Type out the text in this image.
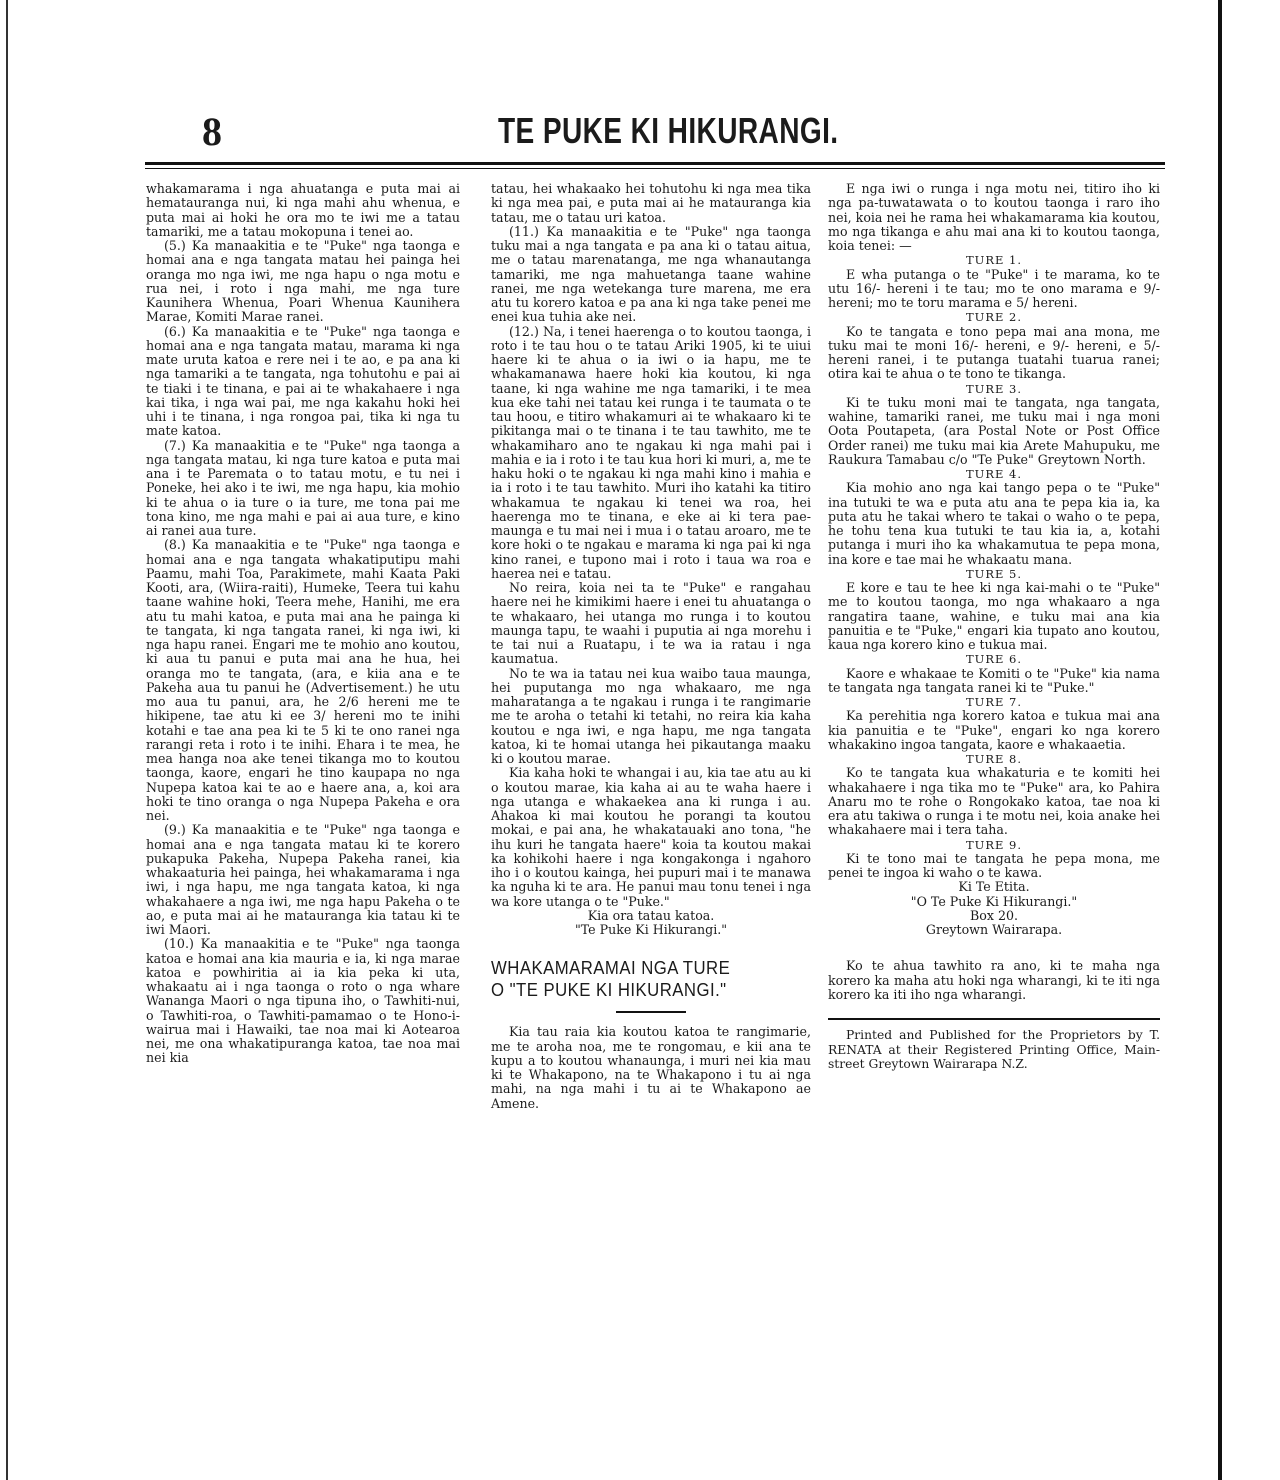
8	TE PUKE KI HIKURANGI.

whakamarama i nga ahuatanga e puta mai ai hematauranga nui, ki nga mahi ahu whenua, e puta mai ai hoki he ora mo te iwi me a tatau tamariki, me a tatau mokopuna i tenei ao.

(5.) Ka manaakitia e te "Puke" nga taonga e homai ana e nga tangata matau hei painga hei oranga mo nga iwi, me nga hapu o nga motu e rua nei, i roto i nga mahi, me nga ture Kaunihera Whenua, Poari Whenua Kaunihera Marae, Komiti Marae ranei.

(6.) Ka manaakitia e te "Puke" nga taonga e homai ana e nga tangata matau, marama ki nga mate uruta katoa e rere nei i te ao, e pa ana ki nga tamariki a te tangata, nga tohutohu e pai ai te tiaki i te tinana, e pai ai te whakahaere i nga kai tika, i nga wai pai, me nga kakahu hoki hei uhi i te tinana, i nga rongoa pai, tika ki nga tu mate katoa.

(7.) Ka manaakitia e te "Puke" nga taonga a nga tangata matau, ki nga ture katoa e puta mai ana i te Paremata o to tatau motu, e tu nei i Poneke, hei ako i te iwi, me nga hapu, kia mohio ki te ahua o ia ture o ia ture, me tona pai me tona kino, me nga mahi e pai ai aua ture, e kino ai ranei aua ture.

(8.) Ka manaakitia e te "Puke" nga taonga e homai ana e nga tangata whakatiputipu mahi Paamu, mahi Toa, Parakimete, mahi Kaata Paki Kooti, ara, (Wiira-raiti), Humeke, Teera tui kahu taane wahine hoki, Teera mehe, Hanihi, me era atu tu mahi katoa, e puta mai ana he painga ki te tangata, ki nga tangata ranei, ki nga iwi, ki nga hapu ranei. Engari me te mohio ano koutou, ki aua tu panui e puta mai ana he hua, hei oranga mo te tangata, (ara, e kiia ana e te Pakeha aua tu panui he (Advertisement.) he utu mo aua tu panui, ara, he 2/6 hereni me te hikipene, tae atu ki ee 3/ hereni mo te inihi kotahi e tae ana pea ki te 5 ki te ono ranei nga rarangi reta i roto i te inihi. Ehara i te mea, he mea hanga noa ake tenei tikanga mo to koutou taonga, kaore, engari he tino kaupapa no nga Nupepa katoa kai te ao e haere ana, a, koi ara hoki te tino oranga o nga Nupepa Pakeha e ora nei.

(9.) Ka manaakitia e te "Puke" nga taonga e homai ana e nga tangata matau ki te korero pukapuka Pakeha, Nupepa Pakeha ranei, kia whakaaturia hei painga, hei whakamarama i nga iwi, i nga hapu, me nga tangata katoa, ki nga whakahaere a nga iwi, me nga hapu Pakeha o te ao, e puta mai ai he matauranga kia tatau ki te iwi Maori.

(10.) Ka manaakitia e te "Puke" nga taonga katoa e homai ana kia mauria e ia, ki nga marae katoa e powhiritia ai ia kia peka ki uta, whakaatu ai i nga taonga o roto o nga whare Wananga Maori o nga tipuna iho, o Tawhiti-nui, o Tawhiti-roa, o Tawhiti-pamamao o te Hono-i-wairua mai i Hawaiki, tae noa mai ki Aotearoa nei, me ona whakatipuranga katoa, tae noa mai nei kia

tatau, hei whakaako hei tohutohu ki nga mea tika ki nga mea pai, e puta mai ai he matauranga kia tatau, me o tatau uri katoa.

(11.) Ka manaakitia e te "Puke" nga taonga tuku mai a nga tangata e pa ana ki o tatau aitua, me o tatau marenatanga, me nga whanautanga tamariki, me nga mahuetanga taane wahine ranei, me nga wetekanga ture marena, me era atu tu korero katoa e pa ana ki nga take penei me enei kua tuhia ake nei.

(12.) Na, i tenei haerenga o to koutou taonga, i roto i te tau hou o te tatau Ariki 1905, ki te uiui haere ki te ahua o ia iwi o ia hapu, me te whakamanawa haere hoki kia koutou, ki nga taane, ki nga wahine me nga tamariki, i te mea kua eke tahi nei tatau kei runga i te taumata o te tau hoou, e titiro whakamuri ai te whakaaro ki te pikitanga mai o te tinana i te tau tawhito, me te whakamiharo ano te ngakau ki nga mahi pai i mahia e ia i roto i te tau kua hori ki muri, a, me te haku hoki o te ngakau ki nga mahi kino i mahia e ia i roto i te tau tawhito. Muri iho katahi ka titiro whakamua te ngakau ki tenei wa roa, hei haerenga mo te tinana, e eke ai ki tera pae-maunga e tu mai nei i mua i o tatau aroaro, me te kore hoki o te ngakau e marama ki nga pai ki nga kino ranei, e tupono mai i roto i taua wa roa e haerea nei e tatau.

No reira, koia nei ta te "Puke" e rangahau haere nei he kimikimi haere i enei tu ahuatanga o te whakaaro, hei utanga mo runga i to koutou maunga tapu, te waahi i puputia ai nga morehu i te tai nui a Ruatapu, i te wa ia ratau i nga kaumatua.

No te wa ia tatau nei kua waibo taua maunga, hei puputanga mo nga whakaaro, me nga maharatanga a te ngakau i runga i te rangimarie me te aroha o tetahi ki tetahi, no reira kia kaha koutou e nga iwi, e nga hapu, me nga tangata katoa, ki te homai utanga hei pikautanga maaku ki o koutou marae.

Kia kaha hoki te whangai i au, kia tae atu au ki o koutou marae, kia kaha ai au te waha haere i nga utanga e whakaekea ana ki runga i au. Ahakoa ki mai koutou he porangi ta koutou mokai, e pai ana, he whakatauaki ano tona, "he ihu kuri he tangata haere" koia ta koutou makai ka kohikohi haere i nga kongakonga i ngahoro iho i o koutou kainga, hei pupuri mai i te manawa ka nguha ki te ara. He panui mau tonu tenei i nga wa kore utanga o te "Puke."

Kia ora tatau katoa.

"Te Puke Ki Hikurangi."

WHAKAMARAMAI NGA TURE
O "TE PUKE KI HIKURANGI."

Kia tau raia kia koutou katoa te rangimarie, me te aroha noa, me te rongomau, e kii ana te kupu a to koutou whanaunga, i muri nei kia mau ki te Whakapono, na te Whakapono i tu ai nga mahi, na nga mahi i tu ai te Whakapono ae Amene.

E nga iwi o runga i nga motu nei, titiro iho ki nga pa-tuwatawata o to koutou taonga i raro iho nei, koia nei he rama hei whakamarama kia koutou, mo nga tikanga e ahu mai ana ki to koutou taonga, koia tenei: —

TURE 1.

E wha putanga o te "Puke" i te marama, ko te utu 16/- hereni i te tau; mo te ono marama e 9/- hereni; mo te toru marama e 5/ hereni.

TURE 2.

Ko te tangata e tono pepa mai ana mona, me tuku mai te moni 16/- hereni, e 9/- hereni, e 5/- hereni ranei, i te putanga tuatahi tuarua ranei; otira kai te ahua o te tono te tikanga.

TURE 3.

Ki te tuku moni mai te tangata, nga tangata, wahine, tamariki ranei, me tuku mai i nga moni Oota Poutapeta, (ara Postal Note or Post Office Order ranei) me tuku mai kia Arete Mahupuku, me Raukura Tamabau c/o "Te Puke" Greytown North.

TURE 4.

Kia mohio ano nga kai tango pepa o te "Puke" ina tutuki te wa e puta atu ana te pepa kia ia, ka puta atu he takai whero te takai o waho o te pepa, he tohu tena kua tutuki te tau kia ia, a, kotahi putanga i muri iho ka whakamutua te pepa mona, ina kore e tae mai he whakaatu mana.

TURE 5.

E kore e tau te hee ki nga kai-mahi o te "Puke" me to koutou taonga, mo nga whakaaro a nga rangatira taane, wahine, e tuku mai ana kia panuitia e te "Puke," engari kia tupato ano koutou, kaua nga korero kino e tukua mai.

TURE 6.

Kaore e whakaae te Komiti o te "Puke" kia nama te tangata nga tangata ranei ki te "Puke."

TURE 7.

Ka perehitia nga korero katoa e tukua mai ana kia panuitia e te "Puke", engari ko nga korero whakakino ingoa tangata, kaore e whakaaetia.

TURE 8.

Ko te tangata kua whakaturia e te komiti hei whakahaere i nga tika mo te "Puke" ara, ko Pahira Anaru mo te rohe o Rongokako katoa, tae noa ki era atu takiwa o runga i te motu nei, koia anake hei whakahaere mai i tera taha.

TURE 9.

Ki te tono mai te tangata he pepa mona, me penei te ingoa ki waho o te kawa.

Ki Te Etita.

"O Te Puke Ki Hikurangi."

Box 20.

Greytown Wairarapa.

Ko te ahua tawhito ra ano, ki te maha nga korero ka maha atu hoki nga wharangi, ki te iti nga korero ka iti iho nga wharangi.

Printed and Published for the Proprietors by T. RENATA at their Registered Printing Office, Main-street Greytown Wairarapa N.Z.
